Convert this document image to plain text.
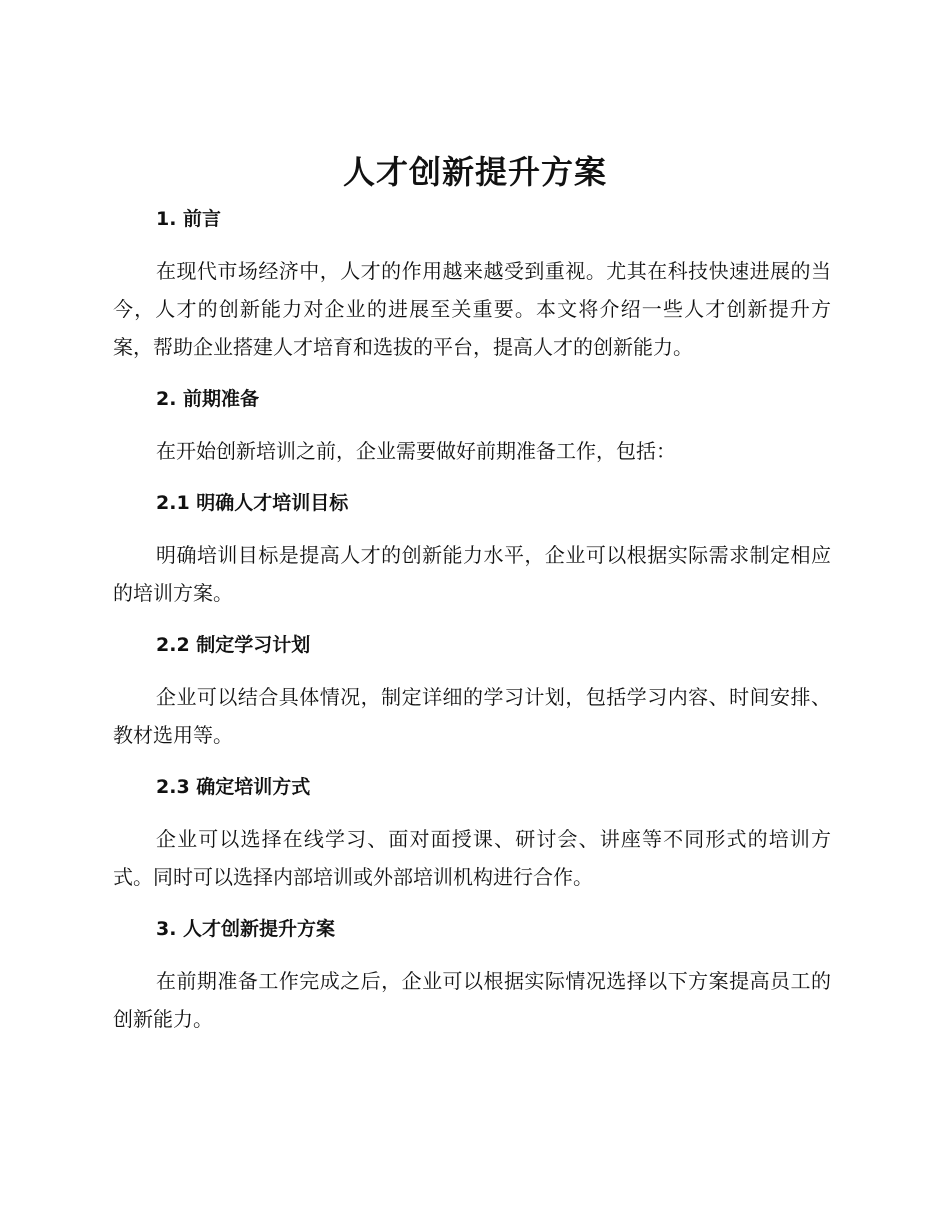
人才创新提升方案
1. 前言

在现代市场经济中，人才的作用越来越受到重视。尤其在科技快速进展的当今，人才的创新能力对企业的进展至关重要。本文将介绍一些人才创新提升方案，帮助企业搭建人才培育和选拔的平台，提高人才的创新能力。

2. 前期准备

在开始创新培训之前，企业需要做好前期准备工作，包括：

2.1 明确人才培训目标

明确培训目标是提高人才的创新能力水平，企业可以根据实际需求制定相应的培训方案。

2.2 制定学习计划

企业可以结合具体情况，制定详细的学习计划，包括学习内容、时间安排、教材选用等。

2.3 确定培训方式

企业可以选择在线学习、面对面授课、研讨会、讲座等不同形式的培训方式。同时可以选择内部培训或外部培训机构进行合作。

3. 人才创新提升方案

在前期准备工作完成之后，企业可以根据实际情况选择以下方案提高员工的创新能力。
